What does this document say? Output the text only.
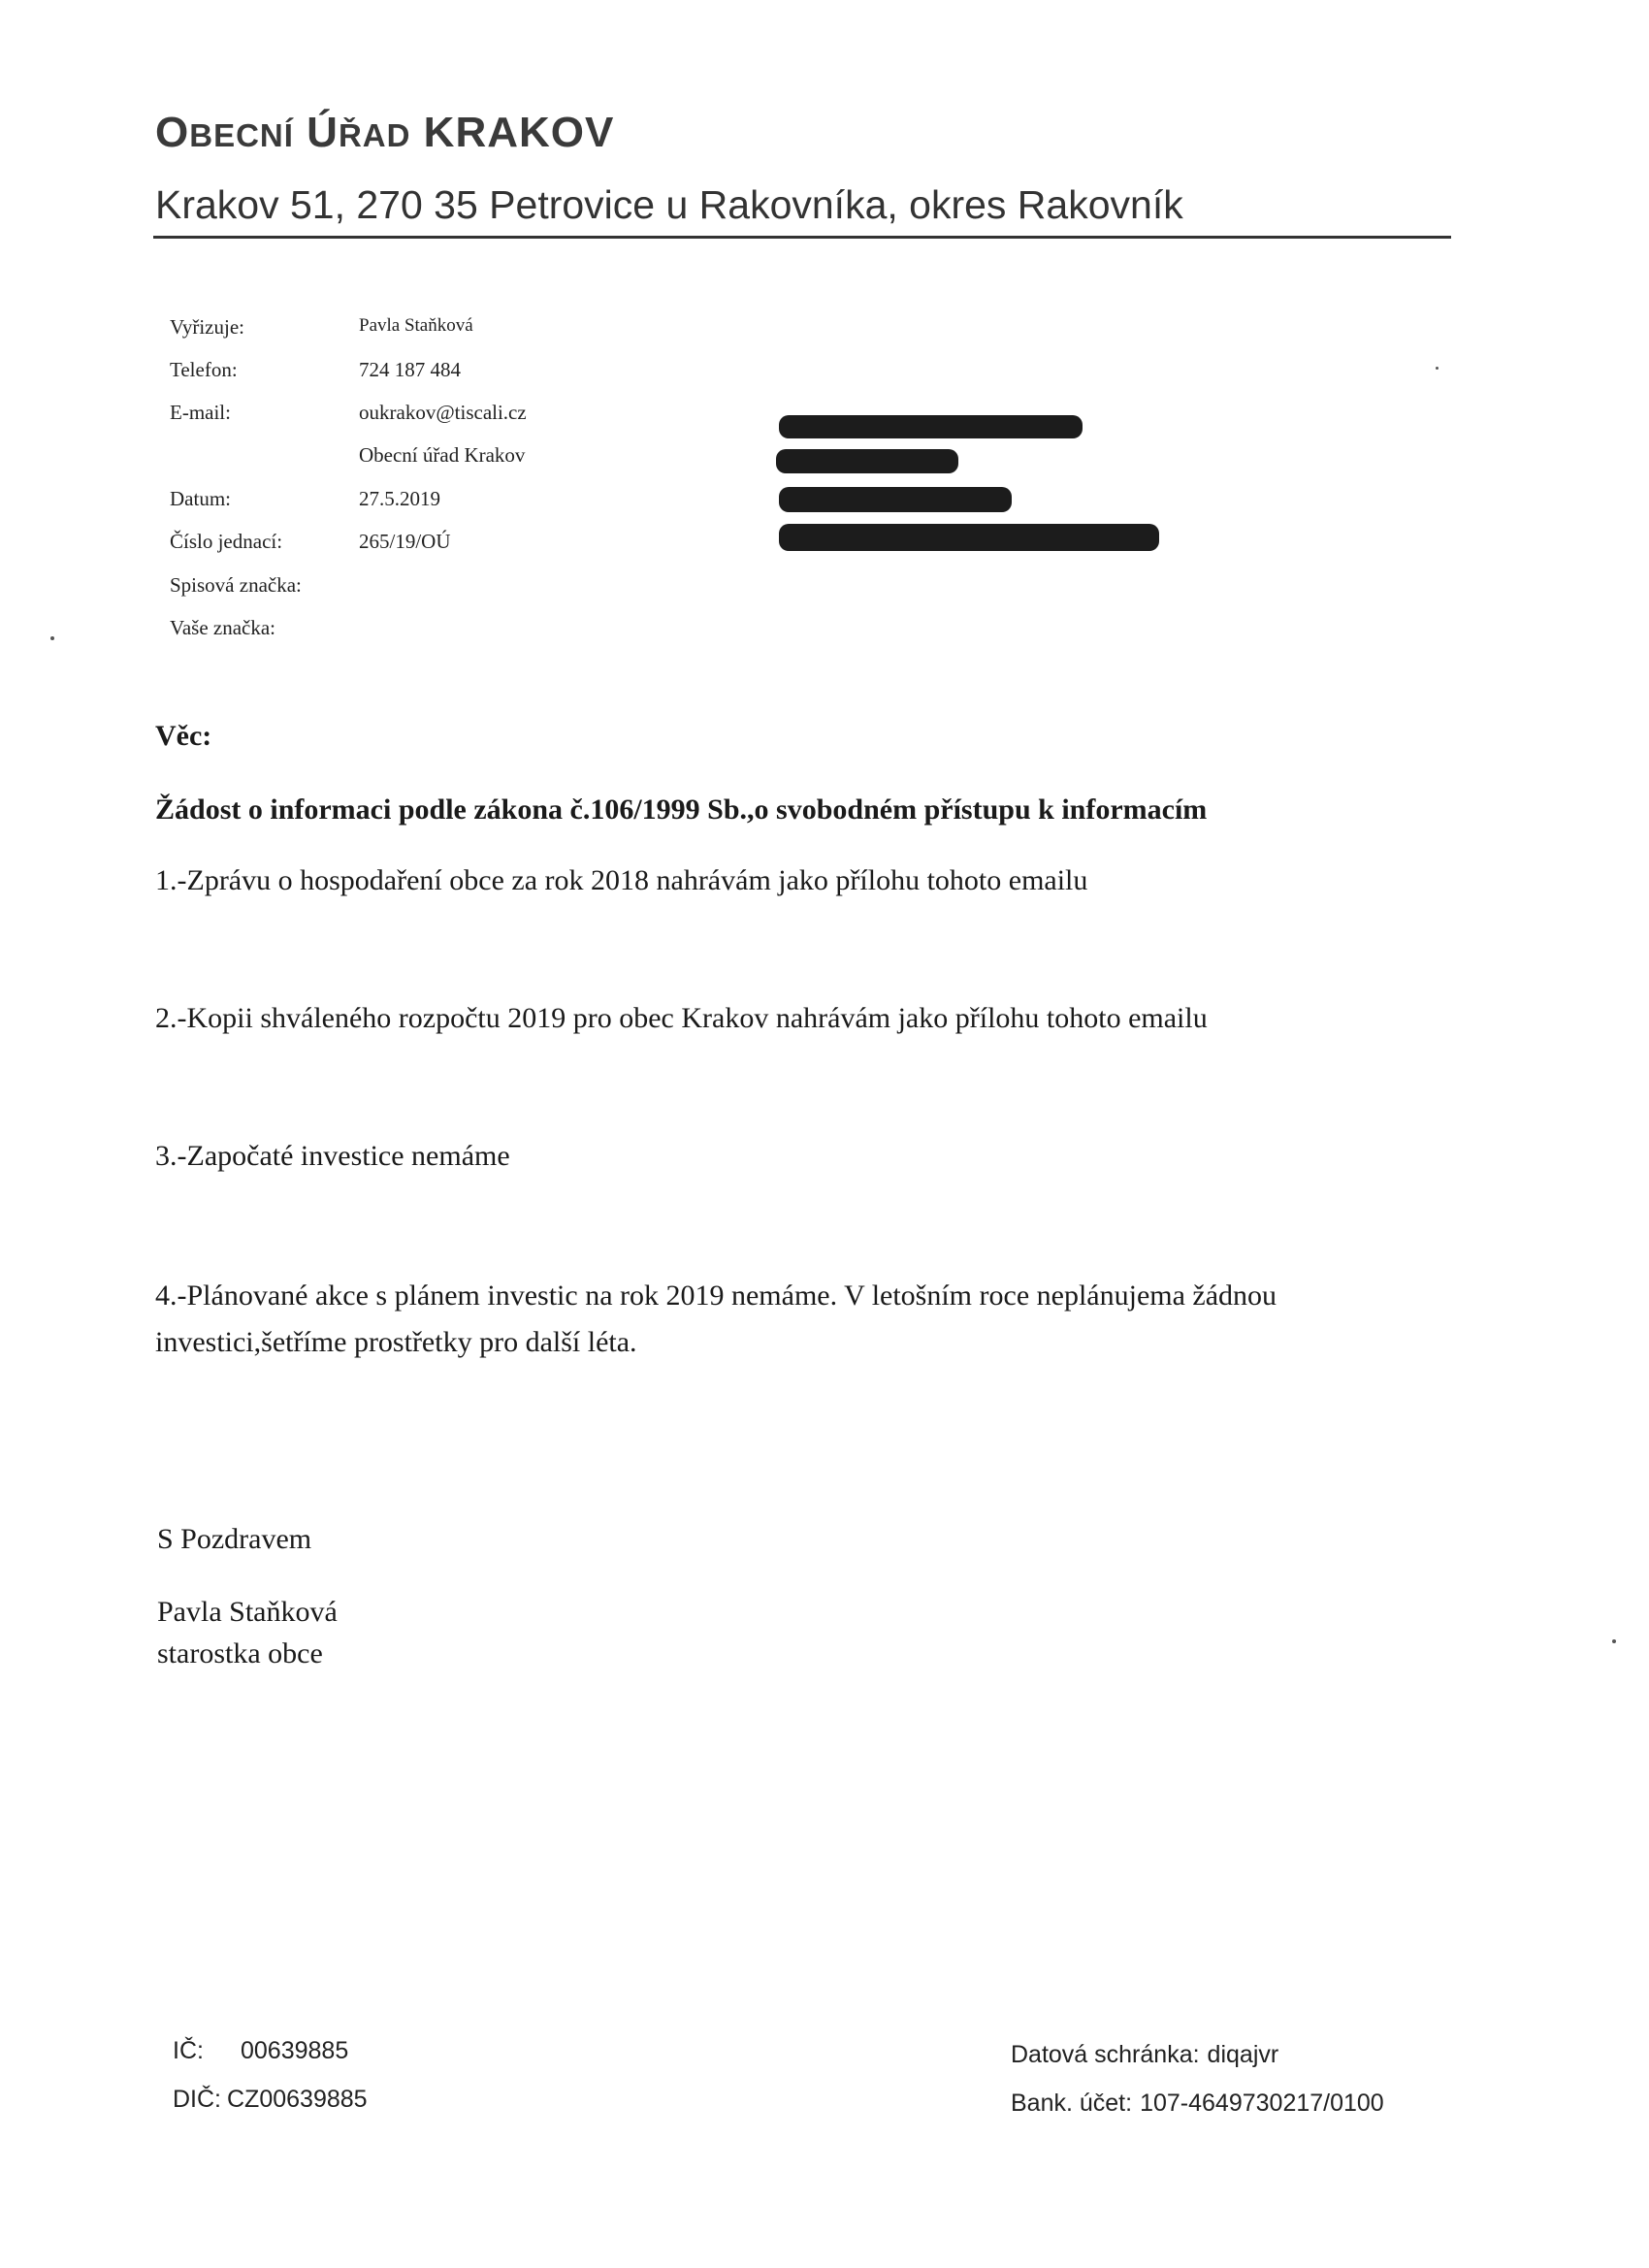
OBECNÍ ÚŘAD KRAKOV

Krakov 51, 270 35 Petrovice u Rakovníka, okres Rakovník

Vyřizuje:	Pavla Staňková
Telefon:	724 187 484
E-mail:	oukrakov@tiscali.cz
Obecní úřad Krakov
Datum:	27.5.2019
Číslo jednací:	265/19/OÚ
Spisová značka:
Vaše značka:

Věc:

Žádost o informaci podle zákona č.106/1999 Sb.,o svobodném přístupu k informacím

1.-Zprávu o hospodaření obce za rok 2018 nahrávám jako přílohu tohoto emailu

2.-Kopii shváleného rozpočtu 2019 pro obec Krakov nahrávám jako přílohu tohoto emailu

3.-Započaté investice nemáme

4.-Plánované akce s plánem investic na rok 2019 nemáme. V letošním roce neplánujema žádnou investici,šetříme prostřetky pro další léta.

S Pozdravem

Pavla Staňková

starostka obce

IČ: 00639885
DIČ: CZ00639885
Datová schránka: diqajvr
Bank. účet: 107-4649730217/0100
